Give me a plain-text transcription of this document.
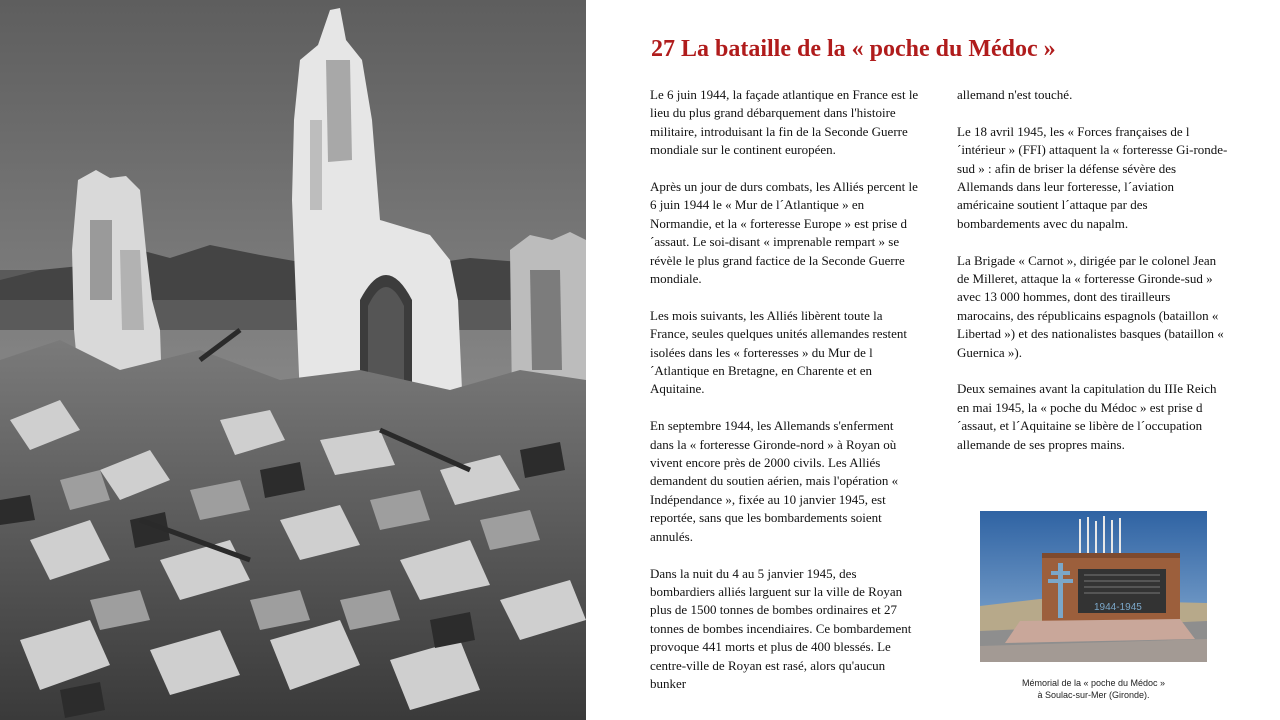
27 La bataille de la « poche du Médoc »

Le 6 juin 1944, la façade atlantique en France est le lieu du plus grand débarquement dans l'histoire militaire, introduisant la fin de la Seconde Guerre mondiale sur le continent européen.

Après un jour de durs combats, les Alliés percent le 6 juin 1944 le « Mur de l´Atlantique » en Normandie, et la « forteresse Europe » est prise d´assaut. Le soi-disant « imprenable rempart » se révèle le plus grand factice de la Seconde Guerre mondiale.

Les mois suivants, les Alliés libèrent toute la France, seules quelques unités allemandes restent isolées dans les « forteresses » du Mur de l´Atlantique en Bretagne, en Charente et en Aquitaine.

En septembre 1944, les Allemands s'enferment dans la « forteresse Gironde-nord » à Royan où vivent encore près de 2000 civils. Les Alliés demandent du soutien aérien, mais l'opération « Indépendance », fixée au 10 janvier 1945, est reportée, sans que les bombardements soient annulés.

Dans la nuit du 4 au 5 janvier 1945, des bombardiers alliés larguent sur la ville de Royan plus de 1500 tonnes de bombes ordinaires et 27 tonnes de bombes incendiaires. Ce bombardement provoque 441 morts et plus de 400 blessés. Le centre-ville de Royan est rasé, alors qu'aucun bunker

allemand n'est touché.

Le 18 avril 1945, les « Forces françaises de l´intérieur » (FFI) attaquent la « forteresse Gi-ronde-sud » : afin de briser la défense sévère des Allemands dans leur forteresse, l´aviation américaine soutient l´attaque par des bombardements avec du napalm.

La Brigade « Carnot », dirigée par le colonel Jean de Milleret, attaque la « forteresse Gironde-sud » avec 13 000 hommes, dont des tirailleurs marocains, des républicains espagnols (bataillon « Libertad ») et des nationalistes basques (bataillon « Guernica »).

Deux semaines avant la capitulation du IIIe Reich en mai 1945, la « poche du Médoc » est prise d´assaut, et l´Aquitaine se libère de l´occupation allemande de ses propres mains.

1944-1945
Mémorial de la « poche du Médoc »
à Soulac-sur-Mer (Gironde).
